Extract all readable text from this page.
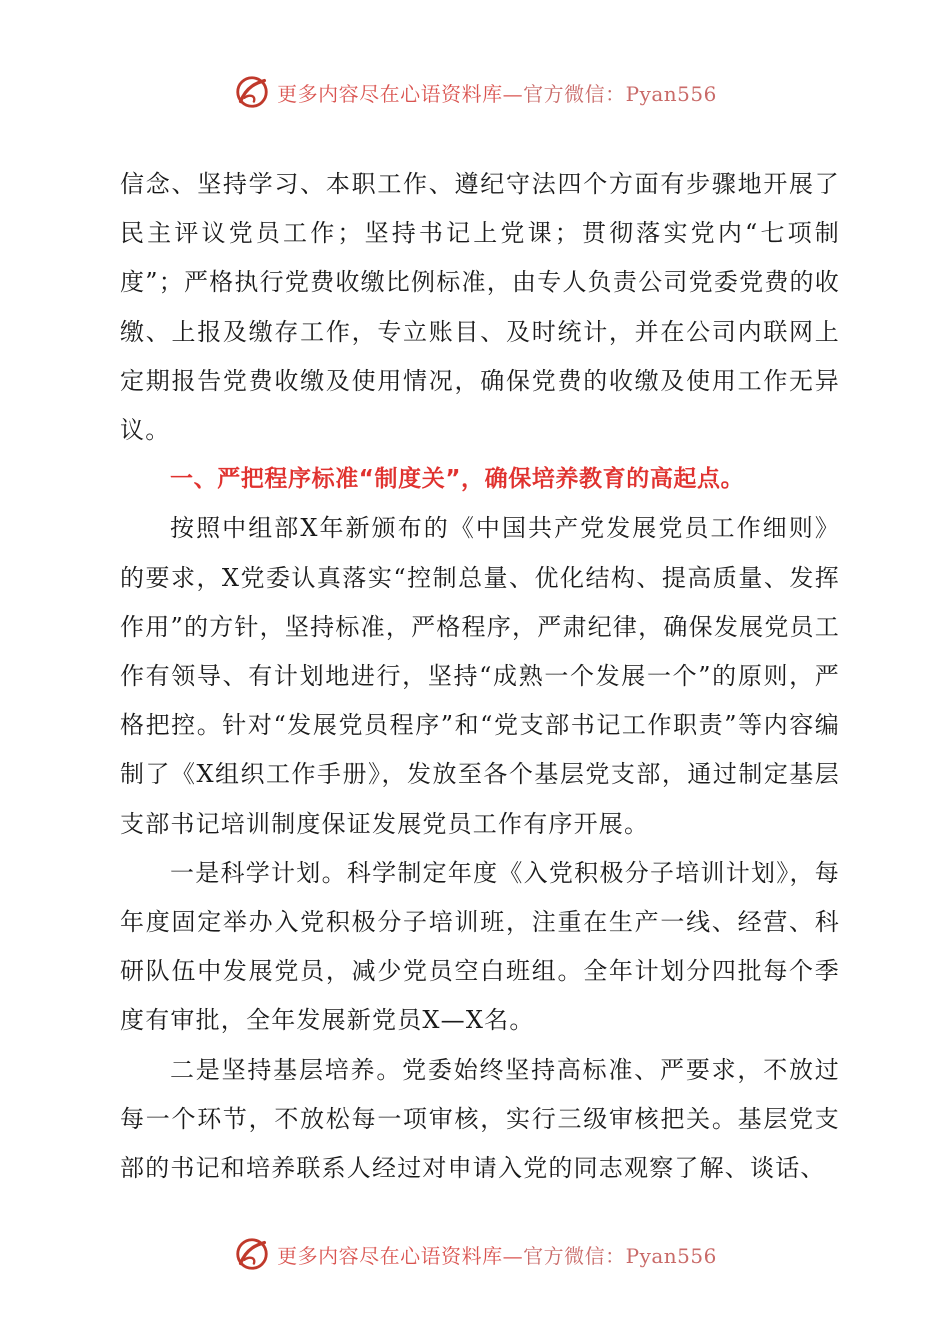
更多内容尽在心语资料库—官方微信：Pyan556

信念、坚持学习、本职工作、遵纪守法四个方面有步骤地开展了民主评议党员工作；坚持书记上党课；贯彻落实党内“七项制度”；严格执行党费收缴比例标准，由专人负责公司党委党费的收缴、上报及缴存工作，专立账目、及时统计，并在公司内联网上定期报告党费收缴及使用情况，确保党费的收缴及使用工作无异议。

一、严把程序标准“制度关”，确保培养教育的高起点。

按照中组部X年新颁布的《中国共产党发展党员工作细则》的要求，X党委认真落实“控制总量、优化结构、提高质量、发挥作用”的方针，坚持标准，严格程序，严肃纪律，确保发展党员工作有领导、有计划地进行，坚持“成熟一个发展一个”的原则，严格把控。针对“发展党员程序”和“党支部书记工作职责”等内容编制了《X组织工作手册》，发放至各个基层党支部，通过制定基层支部书记培训制度保证发展党员工作有序开展。

一是科学计划。科学制定年度《入党积极分子培训计划》，每年度固定举办入党积极分子培训班，注重在生产一线、经营、科研队伍中发展党员，减少党员空白班组。全年计划分四批每个季度有审批，全年发展新党员X—X名。

二是坚持基层培养。党委始终坚持高标准、严要求，不放过每一个环节，不放松每一项审核，实行三级审核把关。基层党支部的书记和培养联系人经过对申请入党的同志观察了解、谈话、

更多内容尽在心语资料库—官方微信：Pyan556
